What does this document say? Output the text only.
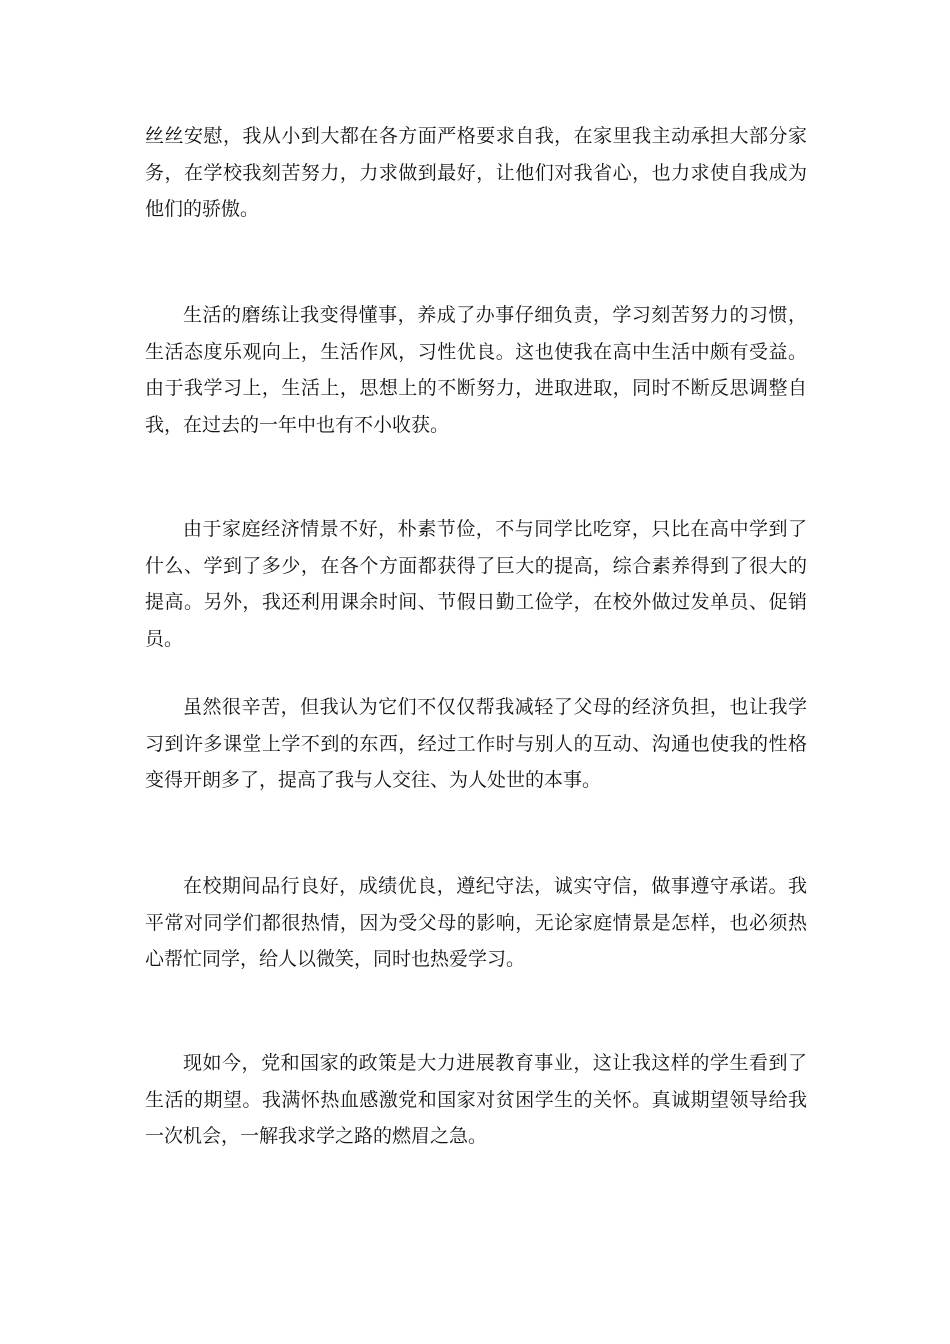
丝丝安慰，我从小到大都在各方面严格要求自我，在家里我主动承担大部分家务，在学校我刻苦努力，力求做到最好，让他们对我省心，也力求使自我成为他们的骄傲。

生活的磨练让我变得懂事，养成了办事仔细负责，学习刻苦努力的习惯，生活态度乐观向上，生活作风，习性优良。这也使我在高中生活中颇有受益。由于我学习上，生活上，思想上的不断努力，进取进取，同时不断反思调整自我，在过去的一年中也有不小收获。

由于家庭经济情景不好，朴素节俭，不与同学比吃穿，只比在高中学到了什么、学到了多少，在各个方面都获得了巨大的提高，综合素养得到了很大的提高。另外，我还利用课余时间、节假日勤工俭学，在校外做过发单员、促销员。

虽然很辛苦，但我认为它们不仅仅帮我减轻了父母的经济负担，也让我学习到许多课堂上学不到的东西，经过工作时与别人的互动、沟通也使我的性格变得开朗多了，提高了我与人交往、为人处世的本事。

在校期间品行良好，成绩优良，遵纪守法，诚实守信，做事遵守承诺。我平常对同学们都很热情，因为受父母的影响，无论家庭情景是怎样，也必须热心帮忙同学，给人以微笑，同时也热爱学习。

现如今，党和国家的政策是大力进展教育事业，这让我这样的学生看到了生活的期望。我满怀热血感激党和国家对贫困学生的关怀。真诚期望领导给我一次机会，一解我求学之路的燃眉之急。
